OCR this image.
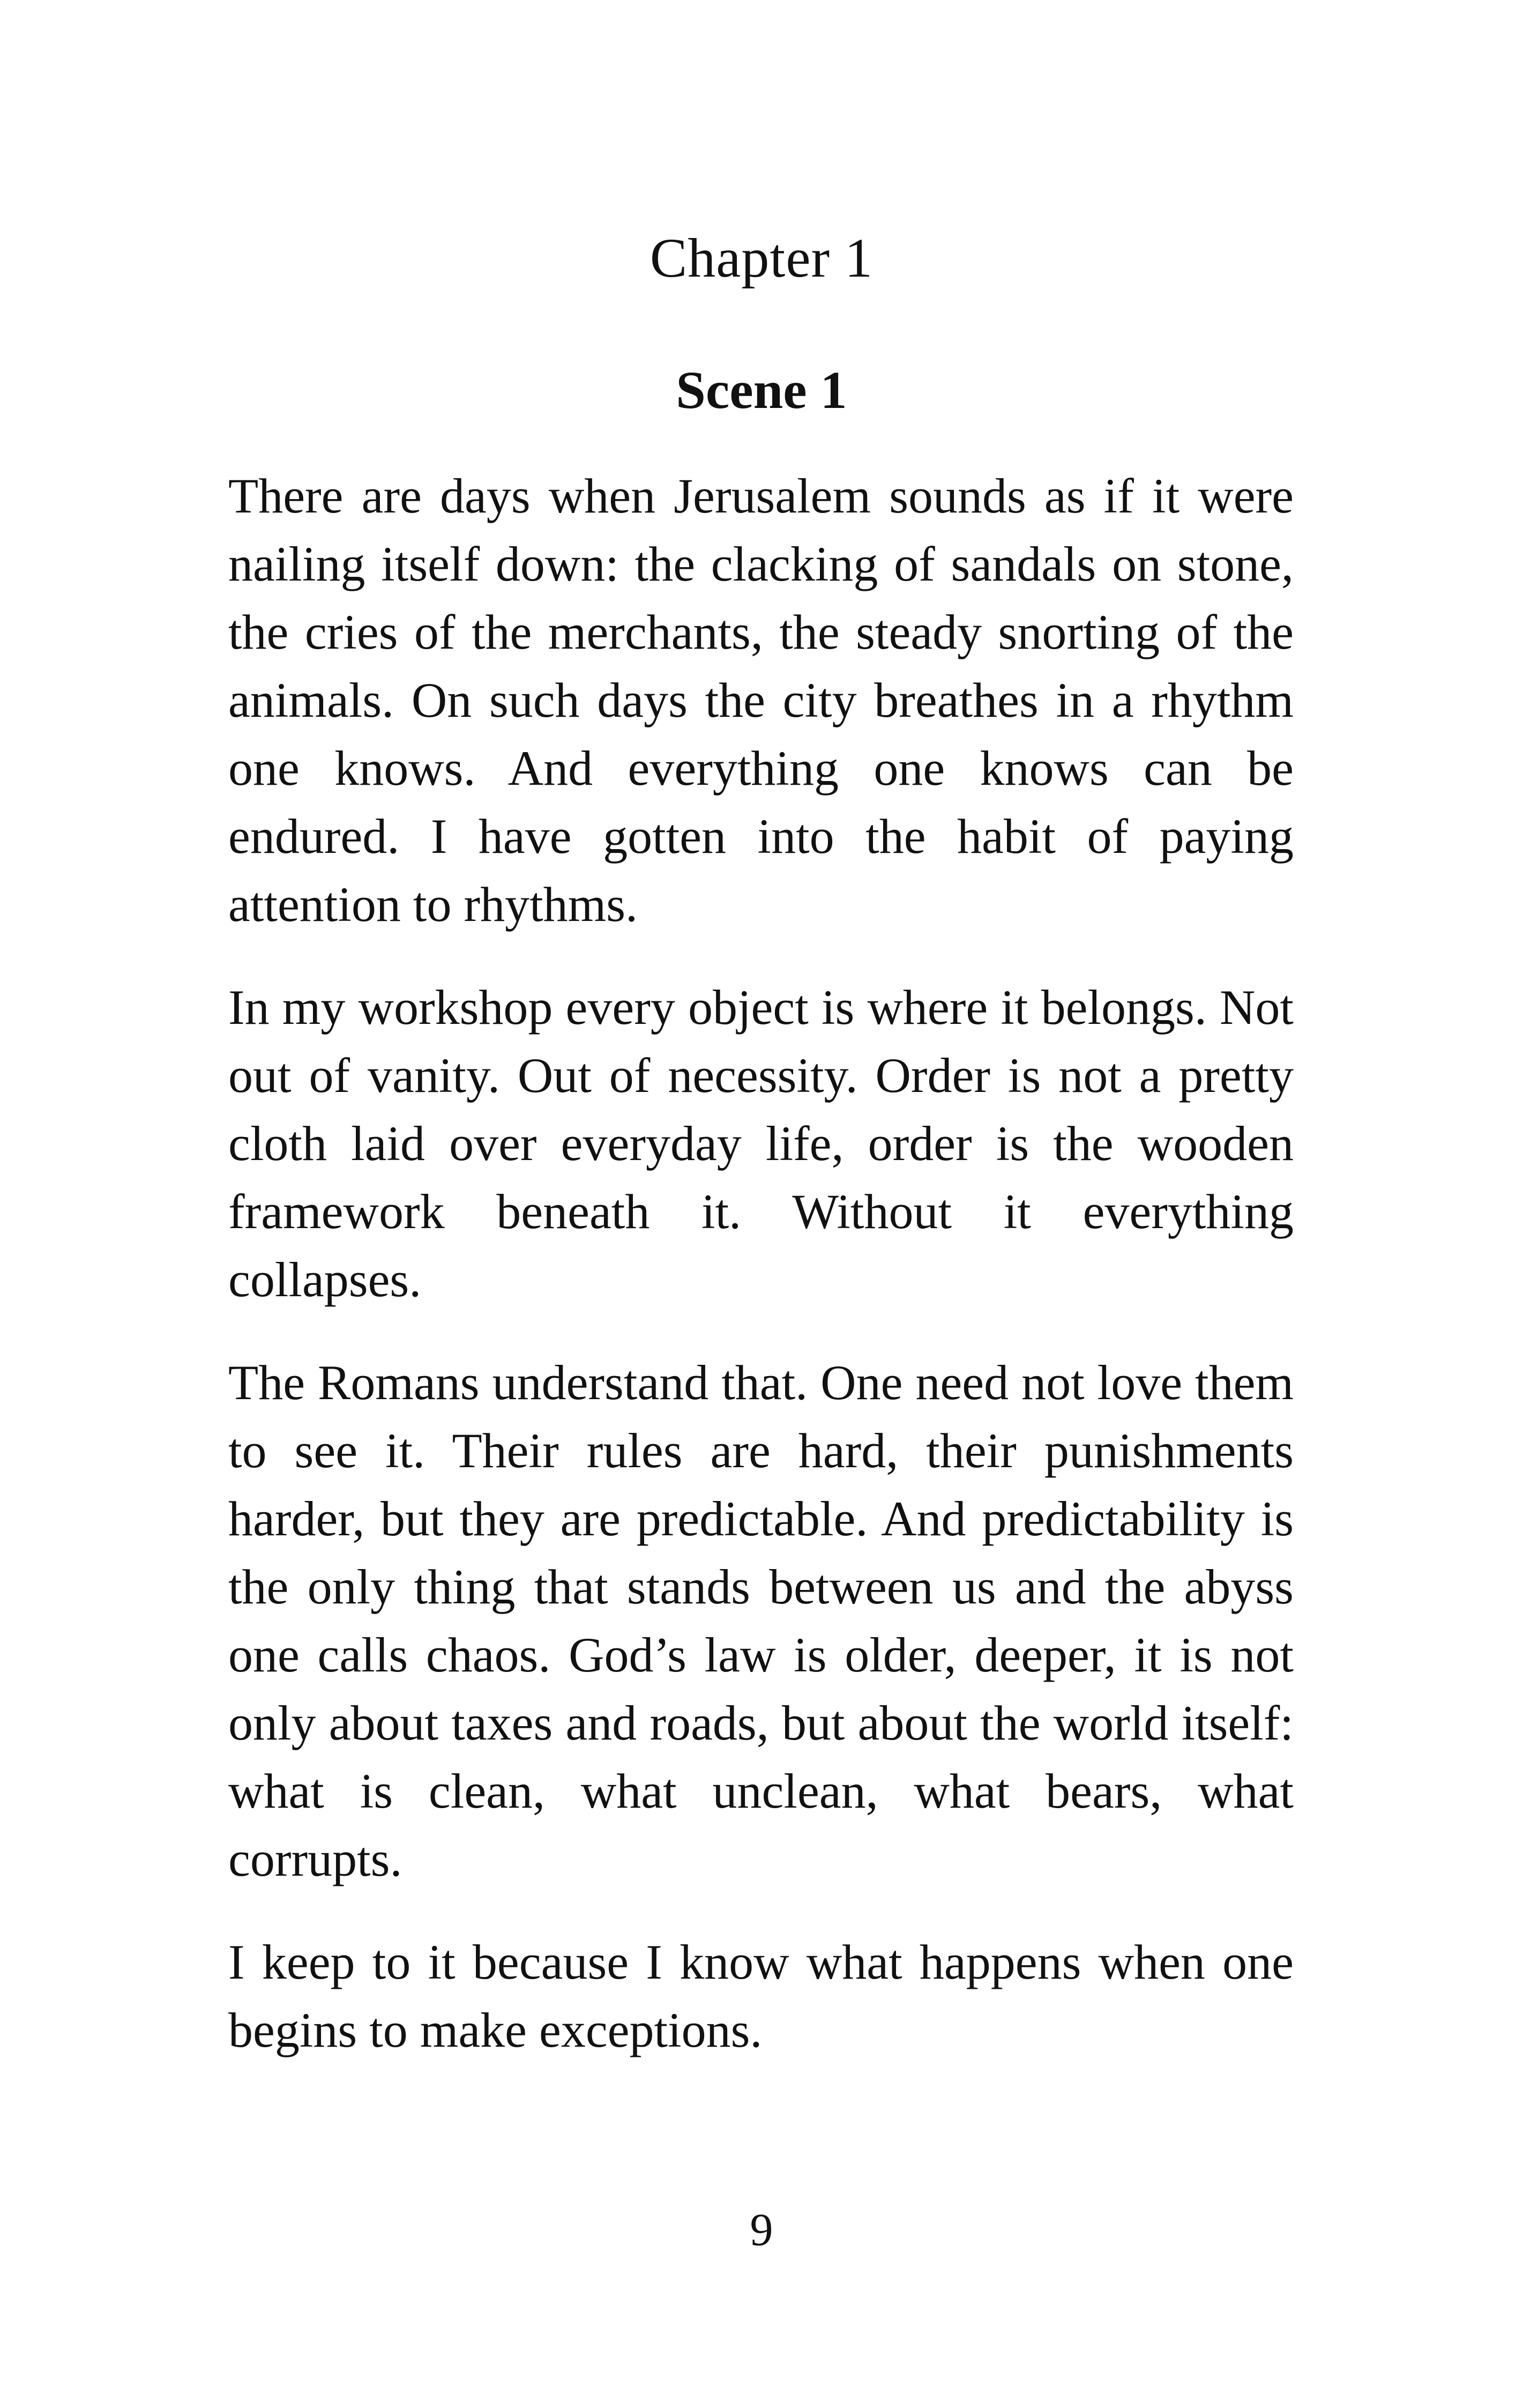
Chapter 1
Scene 1

There are days when Jerusalem sounds as if it were nailing itself down: the clacking of sandals on stone, the cries of the merchants, the steady snorting of the animals. On such days the city breathes in a rhythm one knows. And everything one knows can be endured. I have gotten into the habit of paying attention to rhythms.

In my workshop every object is where it belongs. Not out of vanity. Out of necessity. Order is not a pretty cloth laid over everyday life, order is the wooden framework beneath it. Without it everything collapses.

The Romans understand that. One need not love them to see it. Their rules are hard, their punishments harder, but they are predictable. And predictability is the only thing that stands between us and the abyss one calls chaos. God’s law is older, deeper, it is not only about taxes and roads, but about the world itself: what is clean, what unclean, what bears, what corrupts.

I keep to it because I know what happens when one begins to make exceptions.

9
